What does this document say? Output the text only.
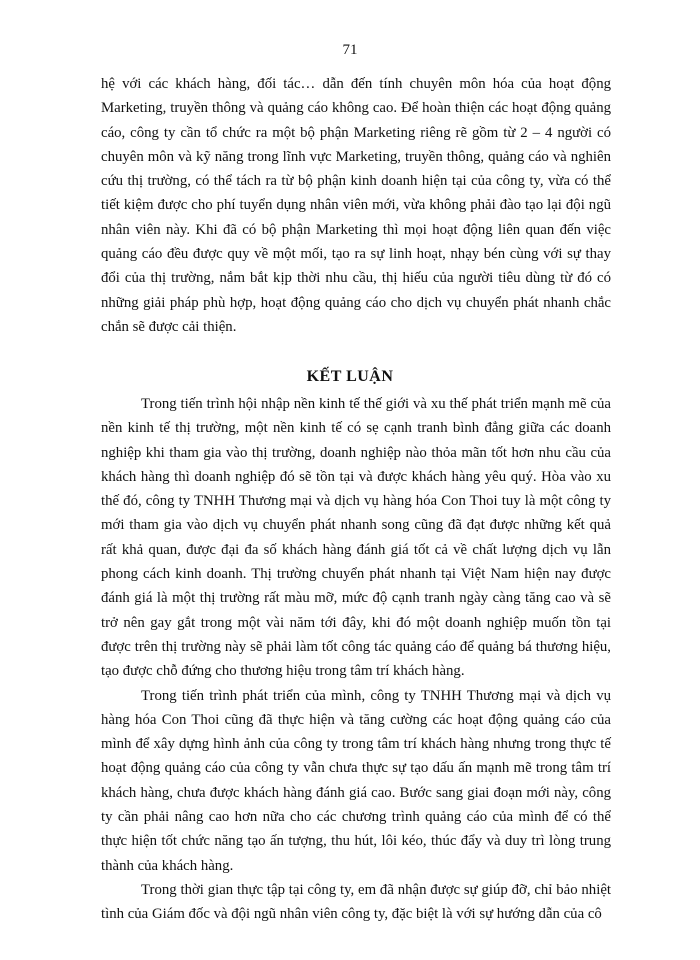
71
hệ với các khách hàng, đối tác… dẫn đến tính chuyên môn hóa của hoạt động Marketing, truyền thông và quảng cáo không cao. Để hoàn thiện các hoạt động quảng cáo, công ty cần tổ chức ra một bộ phận Marketing riêng rẽ gồm từ 2 – 4 người có chuyên môn và kỹ năng trong lĩnh vực Marketing, truyền thông, quảng cáo và nghiên cứu thị trường, có thể tách ra từ bộ phận kinh doanh hiện tại của công ty, vừa có thể tiết kiệm được cho phí tuyển dụng nhân viên mới, vừa không phải đào tạo lại đội ngũ nhân viên này. Khi đã có bộ phận Marketing thì mọi hoạt động liên quan đến việc quảng cáo đều được quy về một mối, tạo ra sự linh hoạt, nhạy bén cùng với sự thay đổi của thị trường, nắm bắt kịp thời nhu cầu, thị hiếu của người tiêu dùng từ đó có những giải pháp phù hợp, hoạt động quảng cáo cho dịch vụ chuyển phát nhanh chắc chắn sẽ được cải thiện.
KẾT LUẬN

Trong tiến trình hội nhập nền kinh tế thế giới và xu thế phát triển mạnh mẽ của nền kinh tế thị trường, một nền kinh tế có sẹ cạnh tranh bình đẳng giữa các doanh nghiệp khi tham gia vào thị trường, doanh nghiệp nào thỏa mãn tốt hơn nhu cầu của khách hàng thì doanh nghiệp đó sẽ tồn tại và được khách hàng yêu quý. Hòa vào xu thế đó, công ty TNHH Thương mại và dịch vụ hàng hóa Con Thoi tuy là một công ty mới tham gia vào dịch vụ chuyển phát nhanh song cũng đã đạt được những kết quả rất khả quan, được đại đa số khách hàng đánh giá tốt cả về chất lượng dịch vụ lẫn phong cách kinh doanh. Thị trường chuyển phát nhanh tại Việt Nam hiện nay được đánh giá là một thị trường rất màu mỡ, mức độ cạnh tranh ngày càng tăng cao và sẽ trở nên gay gắt trong một vài năm tới đây, khi đó một doanh nghiệp muốn tồn tại được trên thị trường này sẽ phải làm tốt công tác quảng cáo để quảng bá thương hiệu, tạo được chỗ đứng cho thương hiệu trong tâm trí khách hàng.

Trong tiến trình phát triển của mình, công ty TNHH Thương mại và dịch vụ hàng hóa Con Thoi cũng đã thực hiện và tăng cường các hoạt động quảng cáo của mình để xây dựng hình ảnh của công ty trong tâm trí khách hàng nhưng trong thực tế hoạt động quảng cáo của công ty vẫn chưa thực sự tạo dấu ấn mạnh mẽ trong tâm trí khách hàng, chưa được khách hàng đánh giá cao. Bước sang giai đoạn mới này, công ty cần phải nâng cao hơn nữa cho các chương trình quảng cáo của mình để có thể thực hiện tốt chức năng tạo ấn tượng, thu hút, lôi kéo, thúc đẩy và duy trì lòng trung thành của khách hàng.

Trong thời gian thực tập tại công ty, em đã nhận được sự giúp đỡ, chỉ bảo nhiệt tình của Giám đốc và đội ngũ nhân viên công ty, đặc biệt là với sự hướng dẫn của cô
